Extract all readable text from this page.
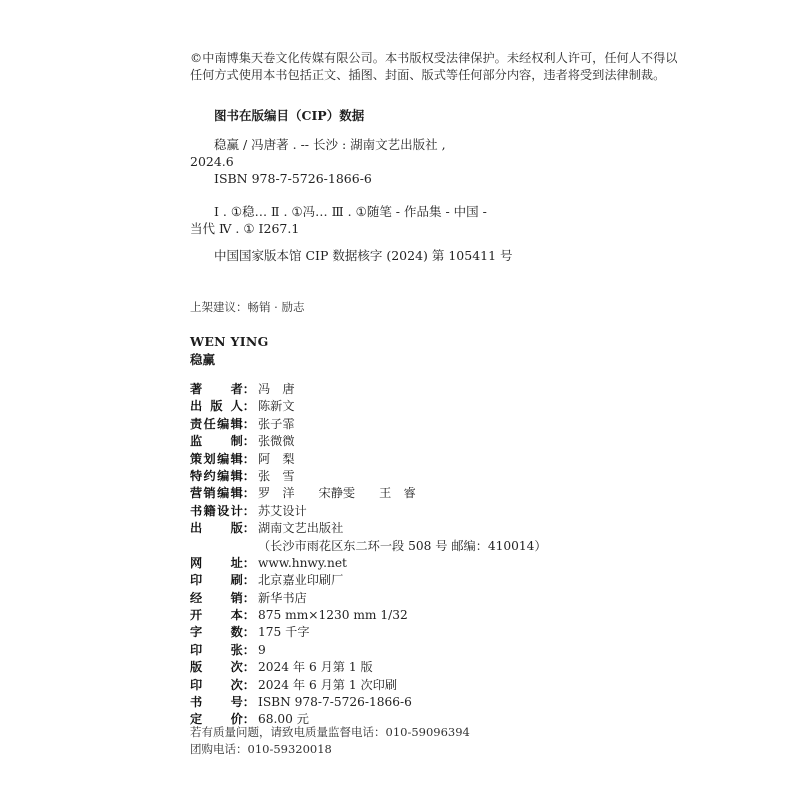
©中南博集天卷文化传媒有限公司。本书版权受法律保护。未经权利人许可，任何人不得以
任何方式使用本书包括正文、插图、封面、版式等任何部分内容，违者将受到法律制裁。
图书在版编目（CIP）数据
稳赢 / 冯唐著 . -- 长沙 : 湖南文艺出版社 ,
2024.6
ISBN 978-7-5726-1866-6
Ⅰ . ①稳… Ⅱ . ①冯… Ⅲ . ①随笔 - 作品集 - 中国 -
当代 Ⅳ . ① I267.1
中国国家版本馆 CIP 数据核字 (2024) 第 105411 号
上架建议：畅销 · 励志
WEN YING
稳赢
著 者： 冯　唐
出 版 人： 陈新文
责 任 编 辑： 张子霏
监 制： 张微微
策 划 编 辑： 阿　梨
特 约 编 辑： 张　雪
营 销 编 辑： 罗　洋 宋静雯 王　睿
书 籍 设 计： 苏艾设计
出 版： 湖南文艺出版社
（长沙市雨花区东二环一段 508 号 邮编：410014）
网 址： www.hnwy.net
印 刷： 北京嘉业印刷厂
经 销： 新华书店
开 本： 875 mm×1230 mm 1/32
字 数： 175 千字
印 张： 9
版 次： 2024 年 6 月第 1 版
印 次： 2024 年 6 月第 1 次印刷
书 号： ISBN 978-7-5726-1866-6
定 价： 68.00 元
若有质量问题，请致电质量监督电话：010-59096394
团购电话：010-59320018
